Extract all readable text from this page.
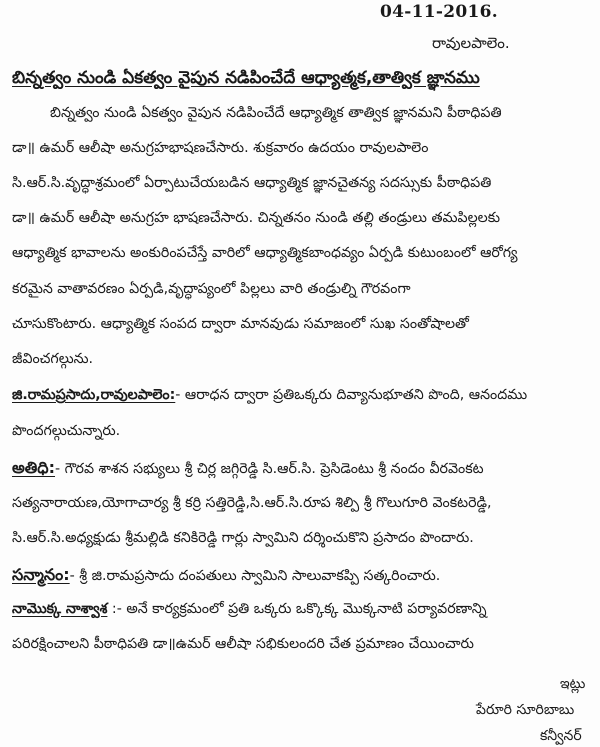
04-11-2016.
రావులపాలెం.
బిన్నత్వం నుండి ఏకత్వం వైపున నడిపించేదే ఆధ్యాత్మక,తాత్విక జ్ఞానము
బిన్నత్వం నుండి ఏకత్వం వైపున నడిపించేదే ఆధ్యాత్మిక తాత్విక జ్ఞానమని పీఠాధిపతి
డా॥ ఉమర్ ఆలీషా అనుగ్రహభాషణచేసారు. శుక్రవారం ఉదయం రావులపాలెం
సి.ఆర్.సి.వృద్ధాశ్రమంలో ఏర్పాటుచేయబడిన ఆధ్యాత్మిక జ్ఞానచైతన్య సదస్సుకు పీఠాధిపతి
డా॥ ఉమర్ ఆలీషా అనుగ్రహ భాషణచేసారు. చిన్నతనం నుండి తల్లి తండ్రులు తమపిల్లలకు
ఆధ్యాత్మిక భావాలను అంకురింపచేస్తే వారిలో ఆధ్యాత్మికబాంధవ్యం ఏర్పడి కుటుంబంలో ఆరోగ్య
కరమైన వాతావరణం ఏర్పడి,వృద్ధాప్యంలో పిల్లలు వారి తండ్రుల్ని గౌరవంగా
చూసుకొంటారు. ఆధ్యాత్మిక సంపద ద్వారా మానవుడు సమాజంలో సుఖ సంతోషాలతో
జీవించగల్గును.
జి.రామప్రసాదు,రావులపాలెం:- ఆరాధన ద్వారా ప్రతిఒక్కరు దివ్యానుభూతని పొంది, ఆనందము
పొందగల్గుచున్నారు.
అతిధి:- గౌరవ శాశన సభ్యులు శ్రీ చిర్ల జగ్గిరెడ్డి సి.ఆర్.సి. ప్రెసిడెంటు శ్రీ నందం వీరవెంకట
సత్యనారాయణ,యోగాచార్య శ్రీ కర్రి సత్తిరెడ్డి,సి.ఆర్.సి.రూప శిల్పి శ్రీ గొలుగూరి వెంకటరెడ్డి,
సి.ఆర్.సి.అధ్యక్షుడు శ్రీమల్లిడి కనికిరెడ్డి గార్లు స్వామిని దర్శించుకొని ప్రసాదం పొందారు.
సన్మానం:- శ్రీ జి.రామప్రసాదు దంపతులు స్వామిని సాలువాకప్పి సత్కరించారు.
నామొక్క నాశ్వాశ :- అనే కార్యక్రమంలో ప్రతి ఒక్కరు ఒక్కొక్క మొక్కనాటి పర్యావరణాన్ని
పరిరక్షించాలని పీఠాధిపతి డా॥ఉమర్ ఆలీషా సభికులందరి చేత ప్రమాణం చేయించారు
ఇట్లు
పేరూరి సూరిబాబు
కన్వీనర్
